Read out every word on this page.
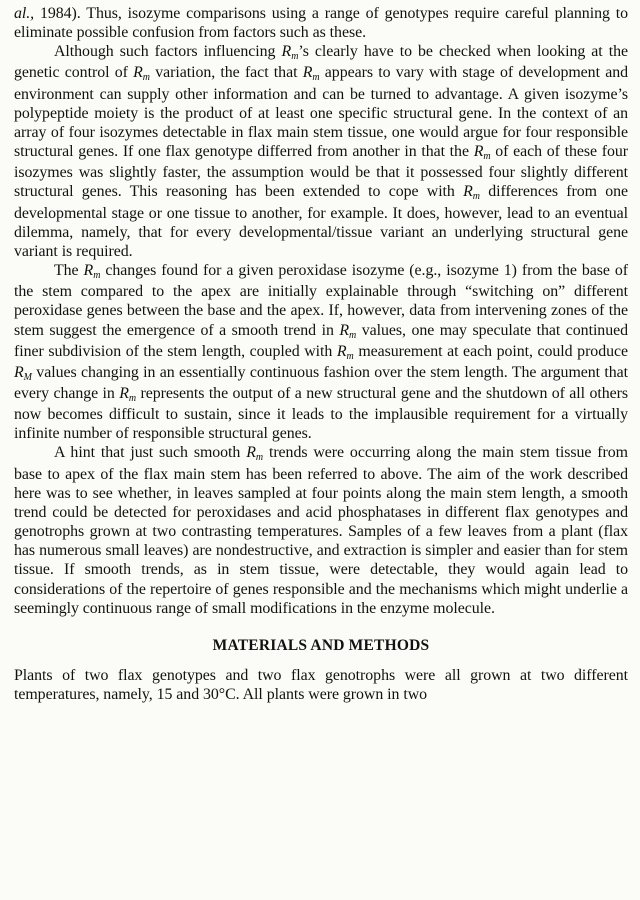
al., 1984). Thus, isozyme comparisons using a range of genotypes require careful planning to eliminate possible confusion from factors such as these.

Although such factors influencing Rm’s clearly have to be checked when looking at the genetic control of Rm variation, the fact that Rm appears to vary with stage of development and environment can supply other information and can be turned to advantage. A given isozyme’s polypeptide moiety is the product of at least one specific structural gene. In the context of an array of four isozymes detectable in flax main stem tissue, one would argue for four responsible structural genes. If one flax genotype differred from another in that the Rm of each of these four isozymes was slightly faster, the assumption would be that it possessed four slightly different structural genes. This reasoning has been extended to cope with Rm differences from one developmental stage or one tissue to another, for example. It does, however, lead to an eventual dilemma, namely, that for every developmental/tissue variant an underlying structural gene variant is required.

The Rm changes found for a given peroxidase isozyme (e.g., isozyme 1) from the base of the stem compared to the apex are initially explainable through “switching on” different peroxidase genes between the base and the apex. If, however, data from intervening zones of the stem suggest the emergence of a smooth trend in Rm values, one may speculate that continued finer subdivision of the stem length, coupled with Rm measurement at each point, could produce RM values changing in an essentially continuous fashion over the stem length. The argument that every change in Rm represents the output of a new structural gene and the shutdown of all others now becomes difficult to sustain, since it leads to the implausible requirement for a virtually infinite number of responsible structural genes.

A hint that just such smooth Rm trends were occurring along the main stem tissue from base to apex of the flax main stem has been referred to above. The aim of the work described here was to see whether, in leaves sampled at four points along the main stem length, a smooth trend could be detected for peroxidases and acid phosphatases in different flax genotypes and genotrophs grown at two contrasting temperatures. Samples of a few leaves from a plant (flax has numerous small leaves) are nondestructive, and extraction is simpler and easier than for stem tissue. If smooth trends, as in stem tissue, were detectable, they would again lead to considerations of the repertoire of genes responsible and the mechanisms which might underlie a seemingly continuous range of small modifications in the enzyme molecule.

MATERIALS AND METHODS

Plants of two flax genotypes and two flax genotrophs were all grown at two different temperatures, namely, 15 and 30°C. All plants were grown in two
